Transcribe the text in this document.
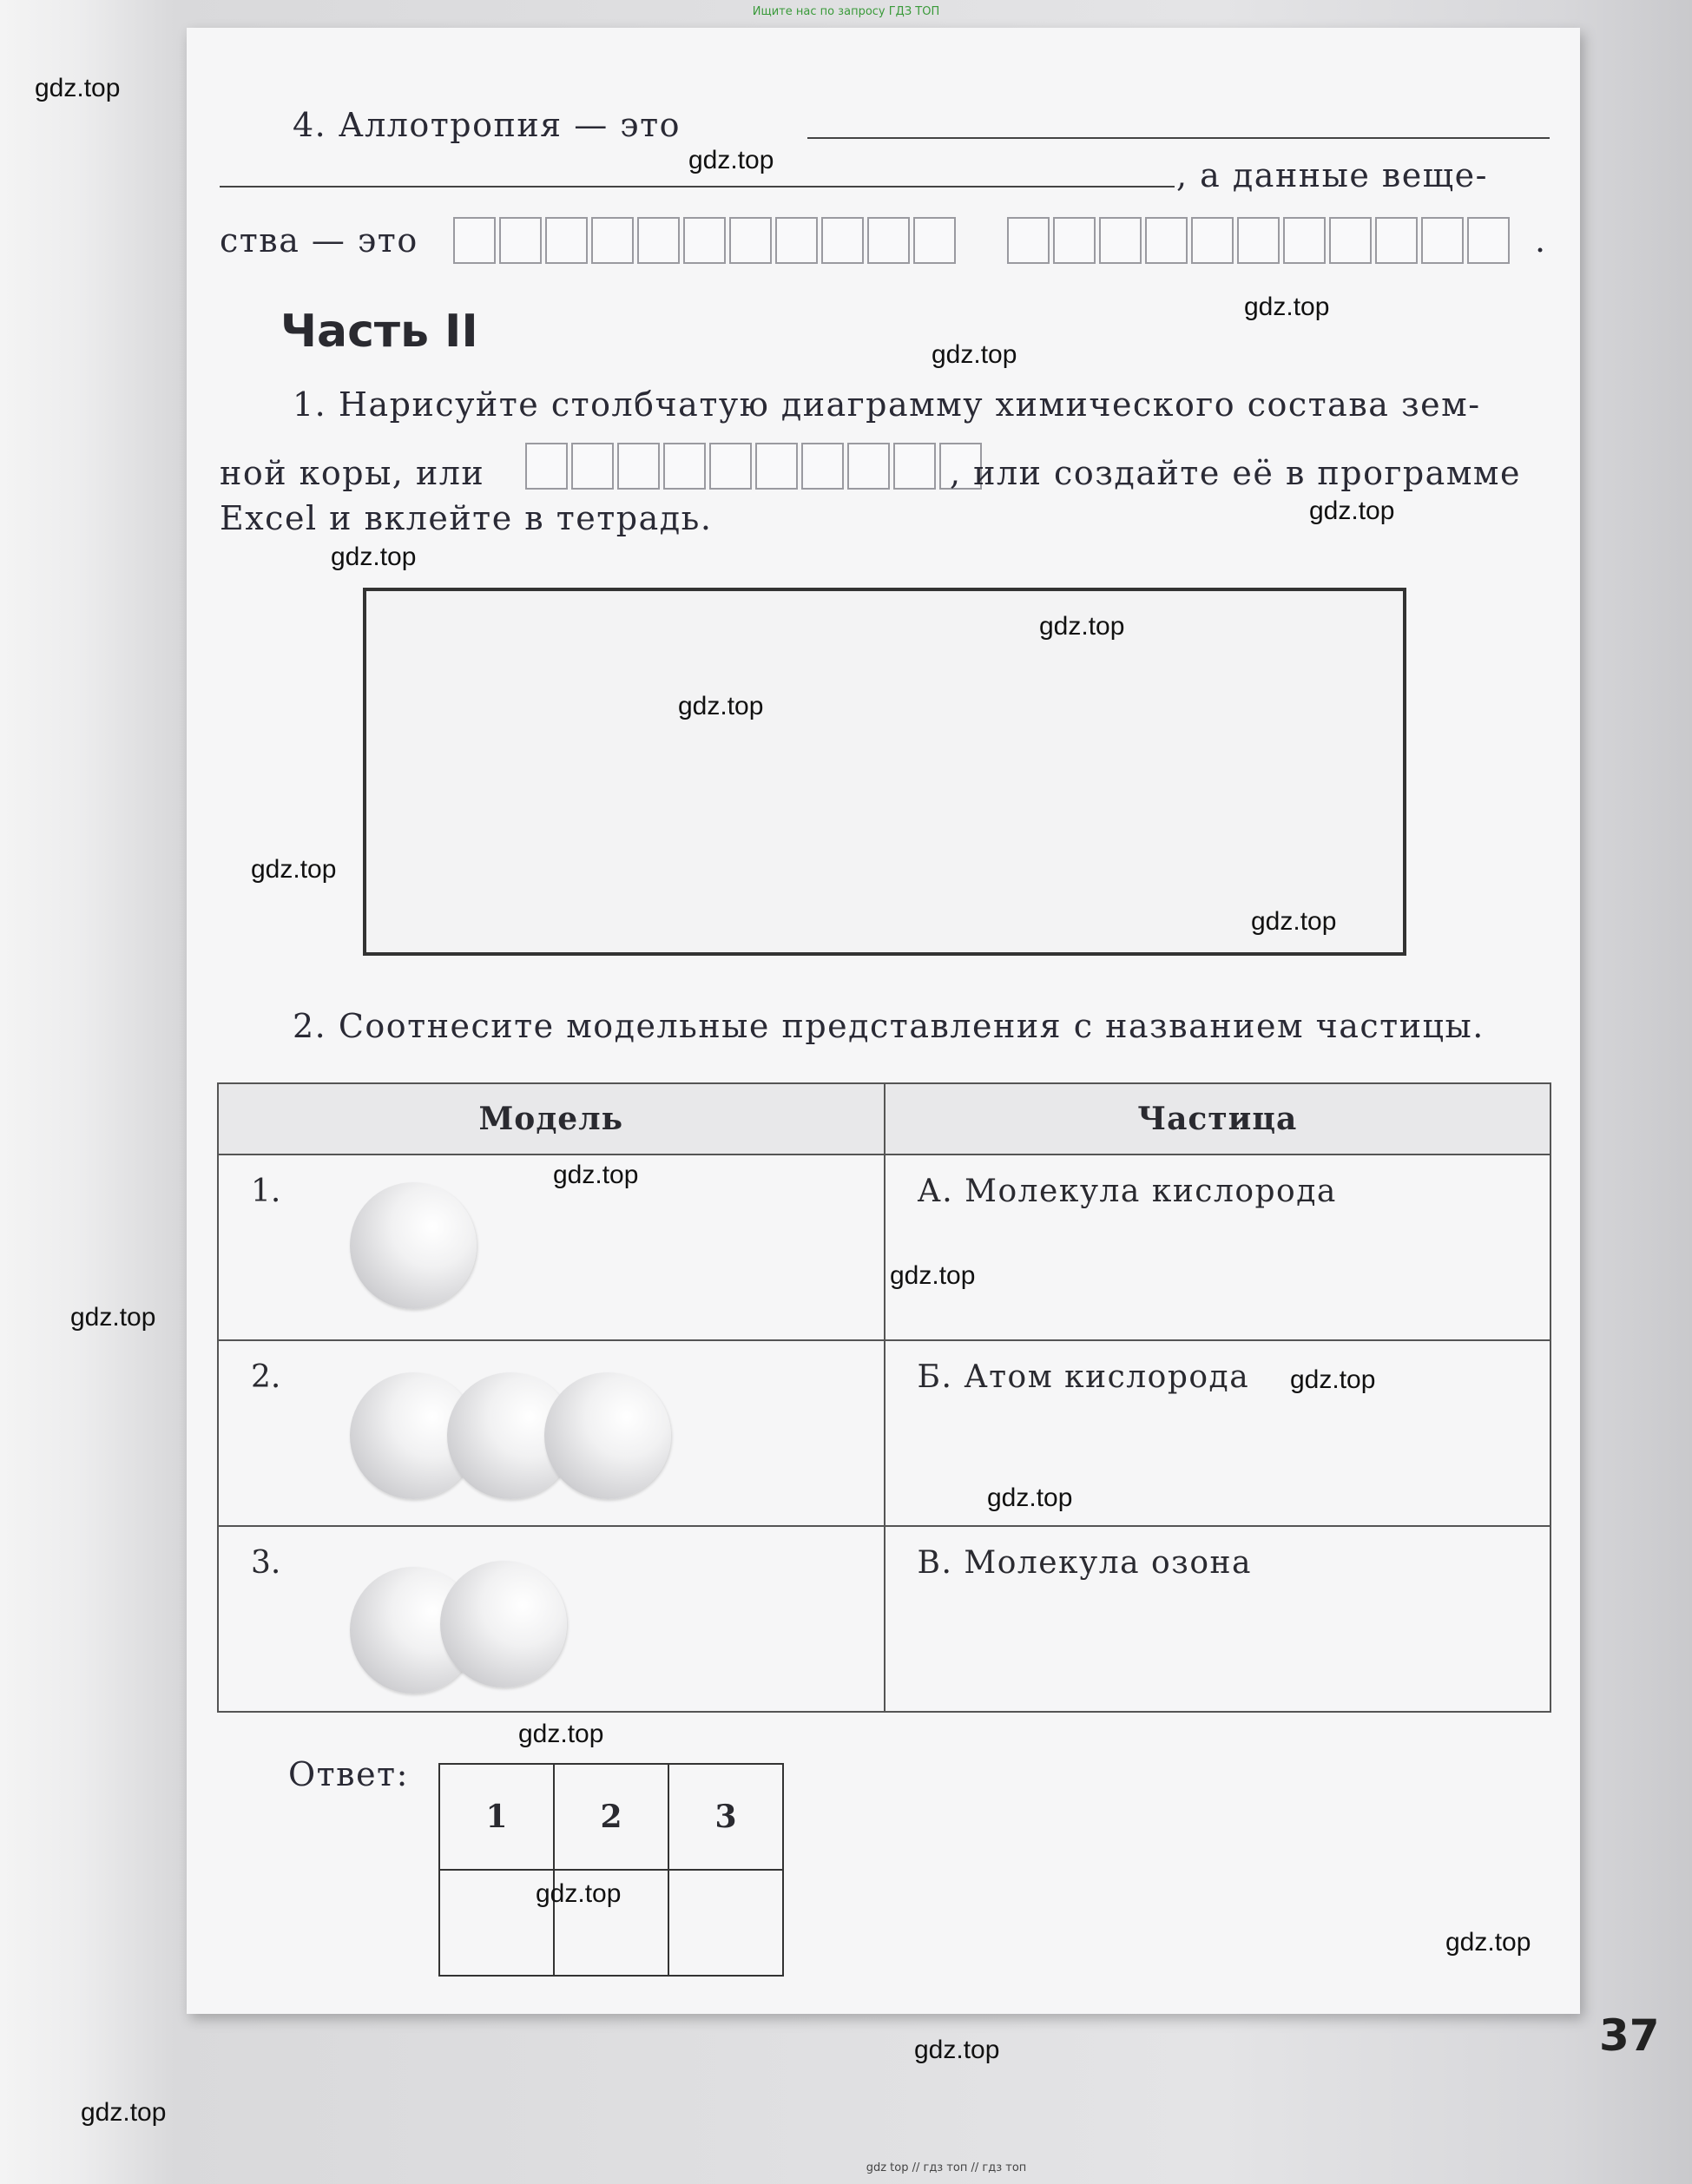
Ищите нас по запросу ГДЗ ТОП
4. Аллотропия — это
, а данные веще-
ства — это	.
Часть II
1. Нарисуйте столбчатую диаграмму химического состава зем-
ной коры, или	, или создайте её в программе
Excel и вклейте в тетрадь.
2. Соотнесите модельные представления с названием частицы.
Модель	Частица

1.	А. Молекула кислорода

2.	Б. Атом кислорода

3.	В. Молекула озона
Ответ:
1	2	3

37
gdz.top
gdz.top
gdz.top
gdz.top
gdz.top
gdz.top
gdz.top
gdz.top
gdz.top
gdz.top
gdz.top
gdz.top
gdz.top
gdz.top
gdz.top
gdz.top
gdz.top
gdz.top
gdz.top
gdz.top
gdz top // гдз топ // гдз топ
